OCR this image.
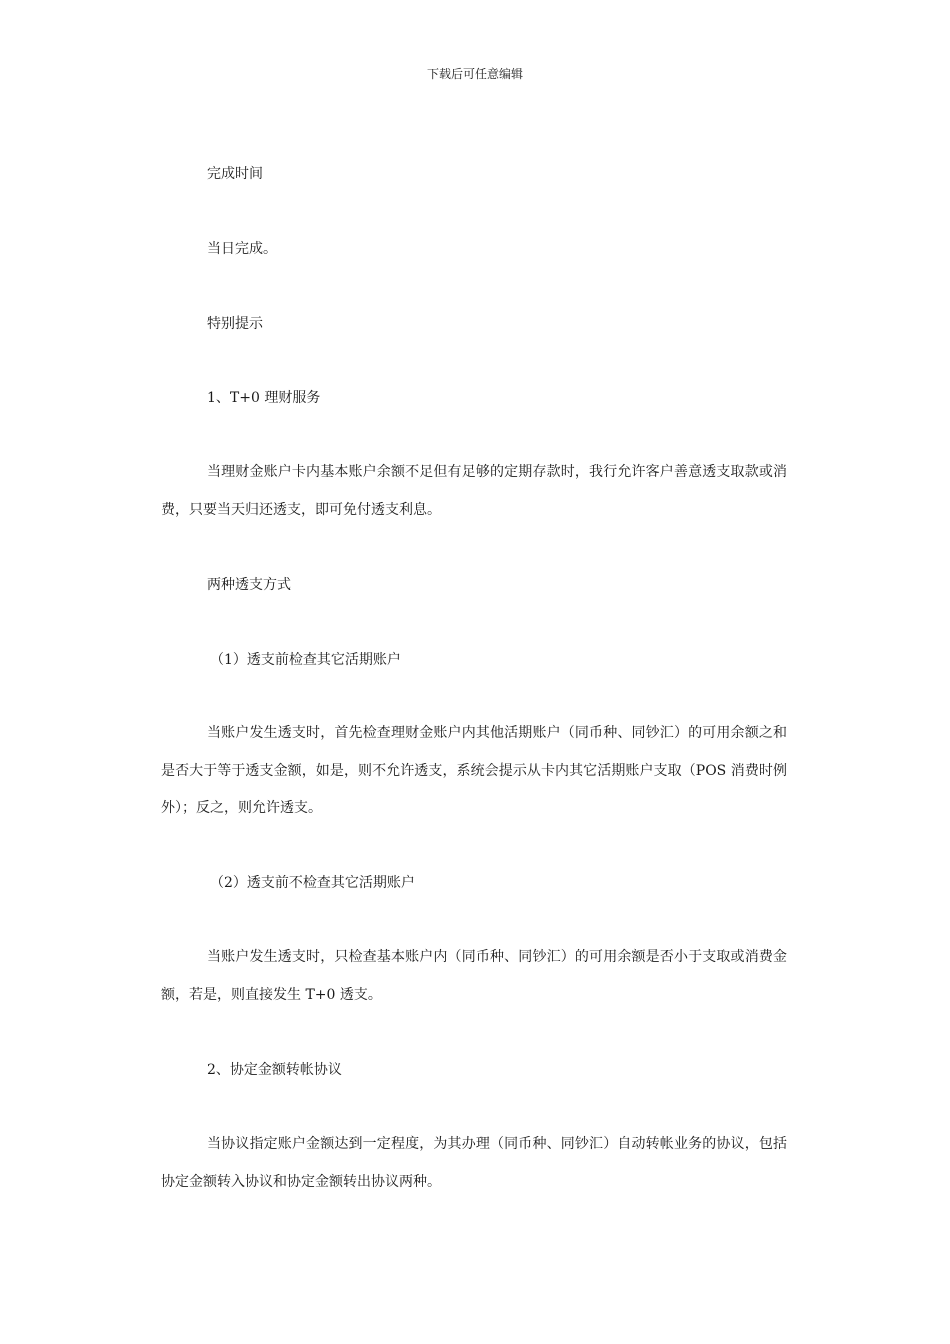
下载后可任意编辑
完成时间
当日完成。
特别提示
1、T+0 理财服务
当理财金账户卡内基本账户余额不足但有足够的定期存款时，我行允许客户善意透支取款或消费，只要当天归还透支，即可免付透支利息。
两种透支方式
（1）透支前检查其它活期账户
当账户发生透支时，首先检查理财金账户内其他活期账户（同币种、同钞汇）的可用余额之和是否大于等于透支金额，如是，则不允许透支，系统会提示从卡内其它活期账户支取（POS 消费时例外）；反之，则允许透支。
（2）透支前不检查其它活期账户
当账户发生透支时，只检查基本账户内（同币种、同钞汇）的可用余额是否小于支取或消费金额，若是，则直接发生 T+0 透支。
2、协定金额转帐协议
当协议指定账户金额达到一定程度，为其办理（同币种、同钞汇）自动转帐业务的协议，包括协定金额转入协议和协定金额转出协议两种。
